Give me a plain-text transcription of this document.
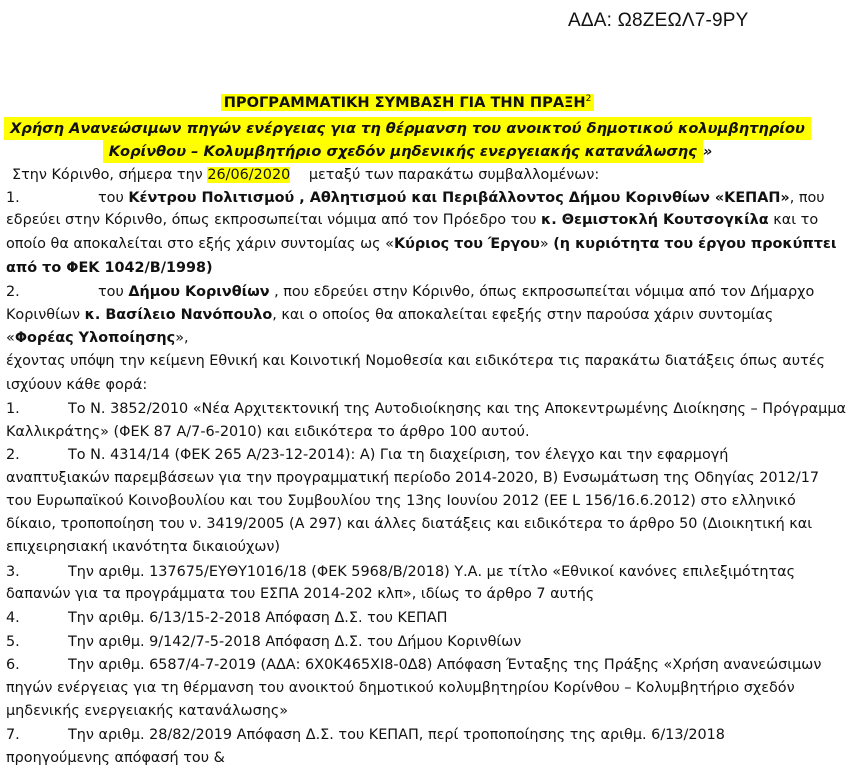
ΑΔΑ: Ω8ΖΕΩΛ7-9ΡΥ
ΠΡΟΓΡΑΜΜΑΤΙΚΗ ΣΥΜΒΑΣΗ ΓΙΑ ΤΗΝ ΠΡΑΞΗ$^2$
Χρήση Ανανεώσιμων πηγών ενέργειας για τη θέρμανση του ανοικτού δημοτικού κολυμβητηρίου
Κορίνθου – Κολυμβητήριο σχεδόν μηδενικής ενεργειακής κατανάλωσης »
Στην Κόρινθο, σήμερα την 26/06/2020 μεταξύ των παρακάτω συμβαλλομένων:
1.	του Κέντρου Πολιτισμού , Αθλητισμού και Περιβάλλοντος Δήμου Κορινθίων «ΚΕΠΑΠ», που
εδρεύει στην Κόρινθο, όπως εκπροσωπείται νόμιμα από τον Πρόεδρο του κ. Θεμιστοκλή Κουτσογκίλα και το
οποίο θα αποκαλείται στο εξής χάριν συντομίας ως «Κύριος του Έργου» (η κυριότητα του έργου προκύπτει
από το ΦΕΚ 1042/Β/1998)
2.	του Δήμου Κορινθίων , που εδρεύει στην Κόρινθο, όπως εκπροσωπείται νόμιμα από τον Δήμαρχο
Κορινθίων κ. Βασίλειο Νανόπουλο, και ο οποίος θα αποκαλείται εφεξής στην παρούσα χάριν συντομίας
«Φορέας Υλοποίησης»,
έχοντας υπόψη την κείμενη Εθνική και Κοινοτική Νομοθεσία και ειδικότερα τις παρακάτω διατάξεις όπως αυτές
ισχύουν κάθε φορά:
1.	Το Ν. 3852/2010 «Νέα Αρχιτεκτονική της Αυτοδιοίκησης και της Αποκεντρωμένης Διοίκησης – Πρόγραμμα
Καλλικράτης» (ΦΕΚ 87 Α/7-6-2010) και ειδικότερα το άρθρο 100 αυτού.
2.	Το Ν. 4314/14 (ΦΕΚ 265 Α/23-12-2014): Α) Για τη διαχείριση, τον έλεγχο και την εφαρμογή
αναπτυξιακών παρεμβάσεων για την προγραμματική περίοδο 2014-2020, Β) Ενσωμάτωση της Οδηγίας 2012/17
του Ευρωπαϊκού Κοινοβουλίου και του Συμβουλίου της 13ης Ιουνίου 2012 (ΕΕ L 156/16.6.2012) στο ελληνικό
δίκαιο, τροποποίηση του ν. 3419/2005 (Α 297) και άλλες διατάξεις και ειδικότερα το άρθρο 50 (Διοικητική και
επιχειρησιακή ικανότητα δικαιούχων)
3.	Την αριθμ. 137675/ΕΥΘΥ1016/18 (ΦΕΚ 5968/Β/2018) Υ.Α. με τίτλο «Εθνικοί κανόνες επιλεξιμότητας
δαπανών για τα προγράμματα του ΕΣΠΑ 2014-202 κλπ», ιδίως το άρθρο 7 αυτής
4.	Την αριθμ. 6/13/15-2-2018 Απόφαση Δ.Σ. του ΚΕΠΑΠ
5.	Την αριθμ. 9/142/7-5-2018 Απόφαση Δ.Σ. του Δήμου Κορινθίων
6.	Την αριθμ. 6587/4-7-2019 (ΑΔΑ: 6Χ0Κ465ΧΙ8-0Δ8) Απόφαση Ένταξης της Πράξης «Χρήση ανανεώσιμων
πηγών ενέργειας για τη θέρμανση του ανοικτού δημοτικού κολυμβητηρίου Κορίνθου – Κολυμβητήριο σχεδόν
μηδενικής ενεργειακής κατανάλωσης»
7.	Την αριθμ. 28/82/2019 Απόφαση Δ.Σ. του ΚΕΠΑΠ, περί τροποποίησης της αριθμ. 6/13/2018
προηγούμενης απόφασή του &
